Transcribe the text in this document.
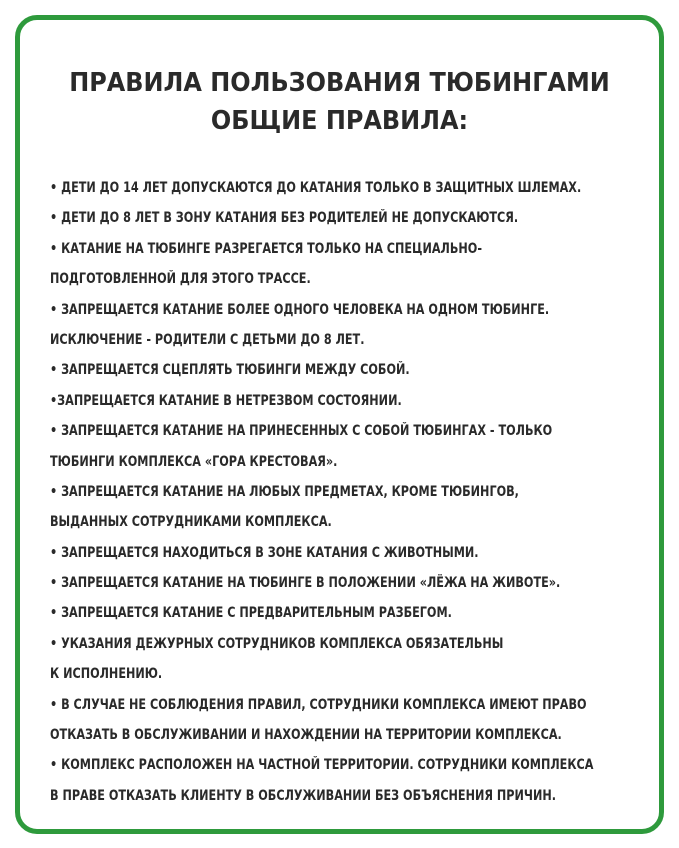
ПРАВИЛА ПОЛЬЗОВАНИЯ ТЮБИНГАМИ
ОБЩИЕ ПРАВИЛА:
• ДЕТИ ДО 14 ЛЕТ ДОПУСКАЮТСЯ ДО КАТАНИЯ ТОЛЬКО В ЗАЩИТНЫХ ШЛЕМАХ.
• ДЕТИ ДО 8 ЛЕТ В ЗОНУ КАТАНИЯ БЕЗ РОДИТЕЛЕЙ НЕ ДОПУСКАЮТСЯ.
• КАТАНИЕ НА ТЮБИНГЕ РАЗРЕГАЕТСЯ ТОЛЬКО НА СПЕЦИАЛЬНО-
ПОДГОТОВЛЕННОЙ ДЛЯ ЭТОГО ТРАССЕ.
• ЗАПРЕЩАЕТСЯ КАТАНИЕ БОЛЕЕ ОДНОГО ЧЕЛОВЕКА НА ОДНОМ ТЮБИНГЕ.
ИСКЛЮЧЕНИЕ - РОДИТЕЛИ С ДЕТЬМИ ДО 8 ЛЕТ.
• ЗАПРЕЩАЕТСЯ СЦЕПЛЯТЬ ТЮБИНГИ МЕЖДУ СОБОЙ.
•ЗАПРЕЩАЕТСЯ КАТАНИЕ В НЕТРЕЗВОМ СОСТОЯНИИ.
• ЗАПРЕЩАЕТСЯ КАТАНИЕ НА ПРИНЕСЕННЫХ С СОБОЙ ТЮБИНГАХ - ТОЛЬКО
ТЮБИНГИ КОМПЛЕКСА «ГОРА КРЕСТОВАЯ».
• ЗАПРЕЩАЕТСЯ КАТАНИЕ НА ЛЮБЫХ ПРЕДМЕТАХ, КРОМЕ ТЮБИНГОВ,
ВЫДАННЫХ СОТРУДНИКАМИ КОМПЛЕКСА.
• ЗАПРЕЩАЕТСЯ НАХОДИТЬСЯ В ЗОНЕ КАТАНИЯ С ЖИВОТНЫМИ.
• ЗАПРЕЩАЕТСЯ КАТАНИЕ НА ТЮБИНГЕ В ПОЛОЖЕНИИ «ЛЁЖА НА ЖИВОТЕ».
• ЗАПРЕЩАЕТСЯ КАТАНИЕ С ПРЕДВАРИТЕЛЬНЫМ РАЗБЕГОМ.
• УКАЗАНИЯ ДЕЖУРНЫХ СОТРУДНИКОВ КОМПЛЕКСА ОБЯЗАТЕЛЬНЫ
К ИСПОЛНЕНИЮ.
• В СЛУЧАЕ НЕ СОБЛЮДЕНИЯ ПРАВИЛ, СОТРУДНИКИ КОМПЛЕКСА ИМЕЮТ ПРАВО
ОТКАЗАТЬ В ОБСЛУЖИВАНИИ И НАХОЖДЕНИИ НА ТЕРРИТОРИИ КОМПЛЕКСА.
• КОМПЛЕКС РАСПОЛОЖЕН НА ЧАСТНОЙ ТЕРРИТОРИИ. СОТРУДНИКИ КОМПЛЕКСА
В ПРАВЕ ОТКАЗАТЬ КЛИЕНТУ В ОБСЛУЖИВАНИИ БЕЗ ОБЪЯСНЕНИЯ ПРИЧИН.
